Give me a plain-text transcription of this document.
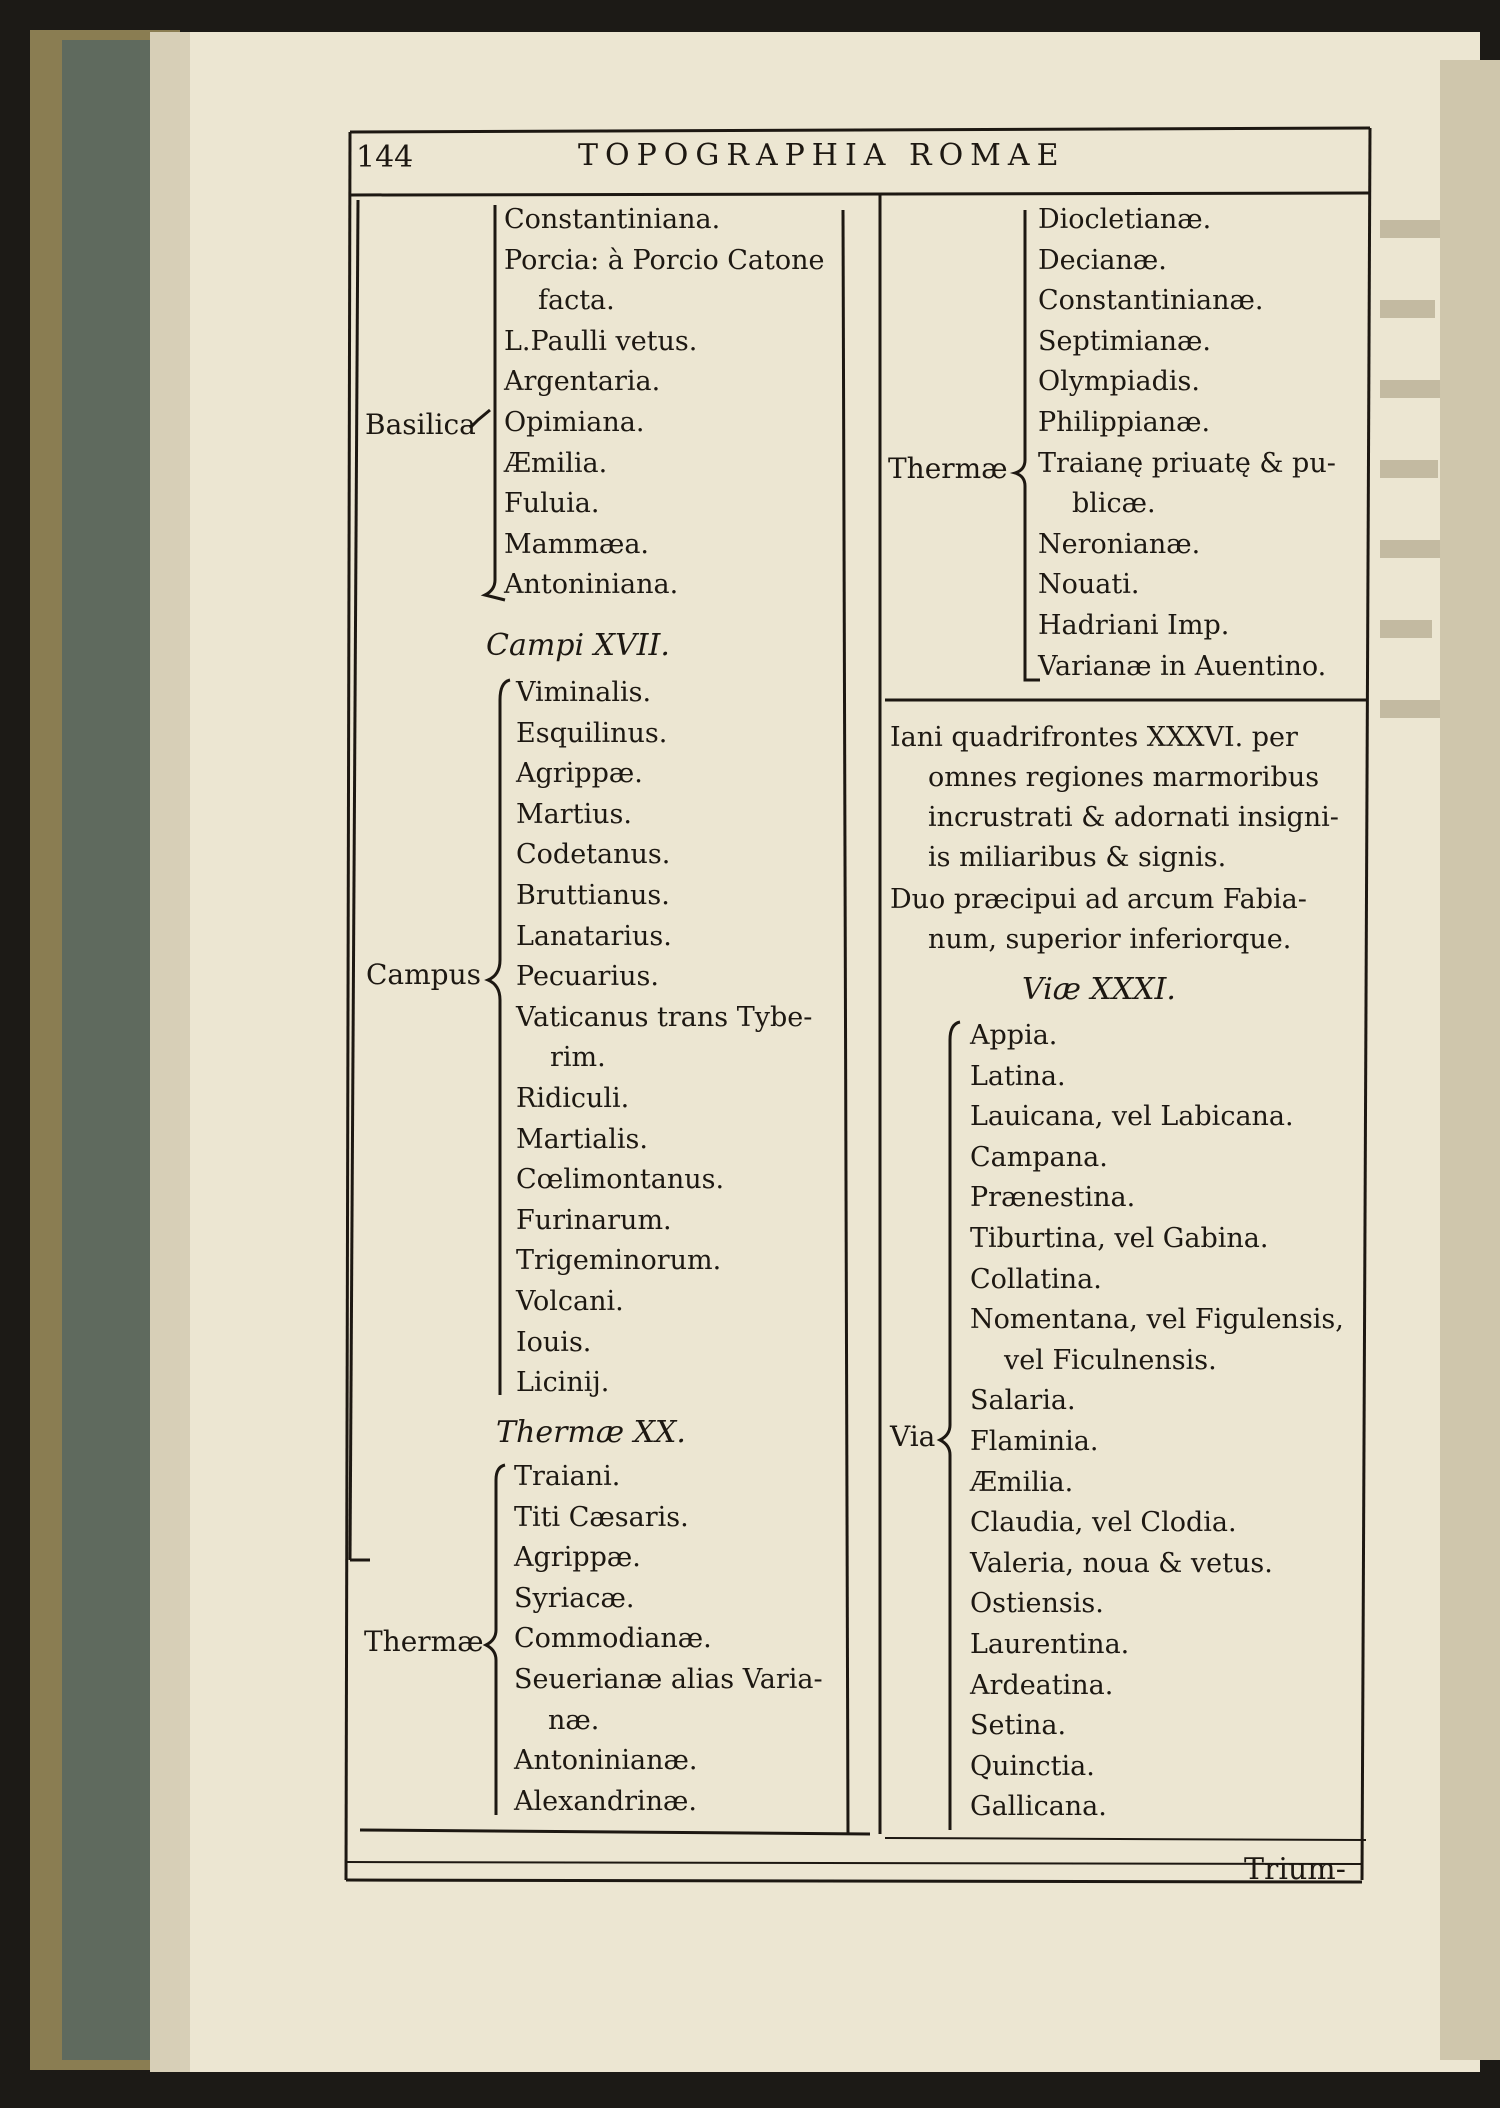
144	TOPOGRAPHIA ROMAE
Basilica
Constantiniana.
Porcia: à Porcio Catone
facta.
L.Paulli vetus.
Argentaria.
Opimiana.
Æmilia.
Fuluia.
Mammæa.
Antoniniana.
Campi XVII.
Campus
Viminalis.
Esquilinus.
Agrippæ.
Martius.
Codetanus.
Bruttianus.
Lanatarius.
Pecuarius.
Vaticanus trans Tybe-
rim.
Ridiculi.
Martialis.
Cœlimontanus.
Furinarum.
Trigeminorum.
Volcani.
Iouis.
Licinij.
Thermæ XX.
Thermæ
Traiani.
Titi Cæsaris.
Agrippæ.
Syriacæ.
Commodianæ.
Seuerianæ alias Varia-
næ.
Antoninianæ.
Alexandrinæ.
Thermæ
Diocletianæ.
Decianæ.
Constantinianæ.
Septimianæ.
Olympiadis.
Philippianæ.
Traianę priuatę & pu-
blicæ.
Neronianæ.
Nouati.
Hadriani Imp.
Varianæ in Auentino.
Iani quadrifrontes XXXVI. per
omnes regiones marmoribus
incrustrati & adornati insigni-
is miliaribus & signis.
Duo præcipui ad arcum Fabia-
num, superior inferiorque.
Viæ XXXI.
Via
Appia.
Latina.
Lauicana, vel Labicana.
Campana.
Prænestina.
Tiburtina, vel Gabina.
Collatina.
Nomentana, vel Figulensis,
vel Ficulnensis.
Salaria.
Flaminia.
Æmilia.
Claudia, vel Clodia.
Valeria, noua & vetus.
Ostiensis.
Laurentina.
Ardeatina.
Setina.
Quinctia.
Gallicana.
Trium-
